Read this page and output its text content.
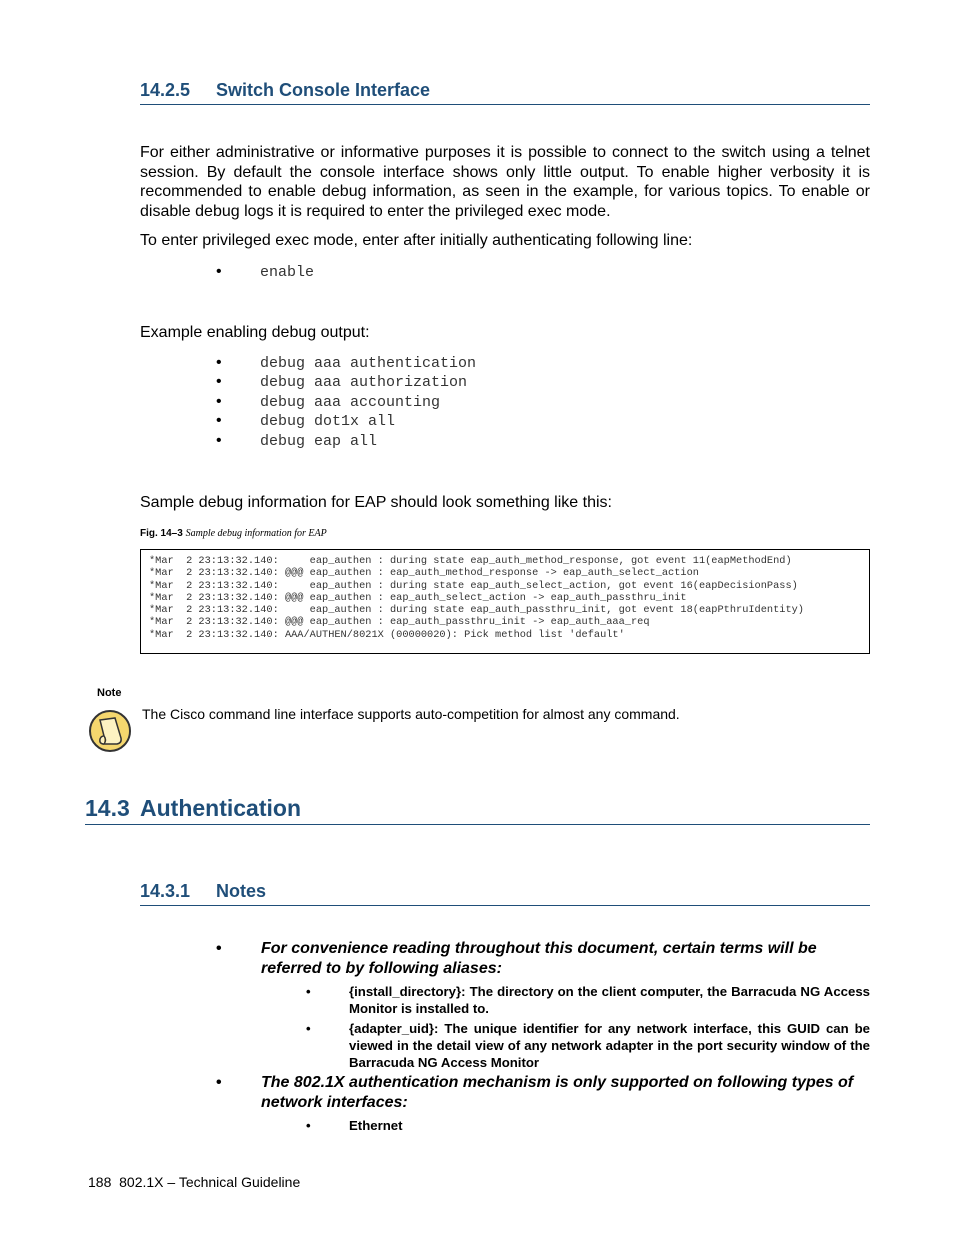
14.2.5 Switch Console Interface
For either administrative or informative purposes it is possible to connect to the switch using a telnet session. By default the console interface shows only little output. To enable higher verbosity it is recommended to enable debug information, as seen in the example, for various topics. To enable or disable debug logs it is required to enter the privileged exec mode.
To enter privileged exec mode, enter after initially authenticating following line:
•	enable
Example enabling debug output:
•	debug aaa authentication
•	debug aaa authorization
•	debug aaa accounting
•	debug dot1x all
•	debug eap all
Sample debug information for EAP should look something like this:
Fig. 14–3 Sample debug information for EAP
*Mar  2 23:13:32.140:     eap_authen : during state eap_auth_method_response, got event 11(eapMethodEnd)
*Mar  2 23:13:32.140: @@@ eap_authen : eap_auth_method_response -> eap_auth_select_action
*Mar  2 23:13:32.140:     eap_authen : during state eap_auth_select_action, got event 16(eapDecisionPass)
*Mar  2 23:13:32.140: @@@ eap_authen : eap_auth_select_action -> eap_auth_passthru_init
*Mar  2 23:13:32.140:     eap_authen : during state eap_auth_passthru_init, got event 18(eapPthruIdentity)
*Mar  2 23:13:32.140: @@@ eap_authen : eap_auth_passthru_init -> eap_auth_aaa_req
*Mar  2 23:13:32.140: AAA/AUTHEN/8021X (00000020): Pick method list 'default'
Note
The Cisco command line interface supports auto-competition for almost any command.
14.3 Authentication
14.3.1 Notes
• For convenience reading throughout this document, certain terms will be referred to by following aliases:
•	{install_directory}: The directory on the client computer, the Barracuda NG Access Monitor is installed to.
•	{adapter_uid}: The unique identifier for any network interface, this GUID can be viewed in the detail view of any network adapter in the port security window of the Barracuda NG Access Monitor
• The 802.1X authentication mechanism is only supported on following types of network interfaces:
•	Ethernet
188 802.1X – Technical Guideline
